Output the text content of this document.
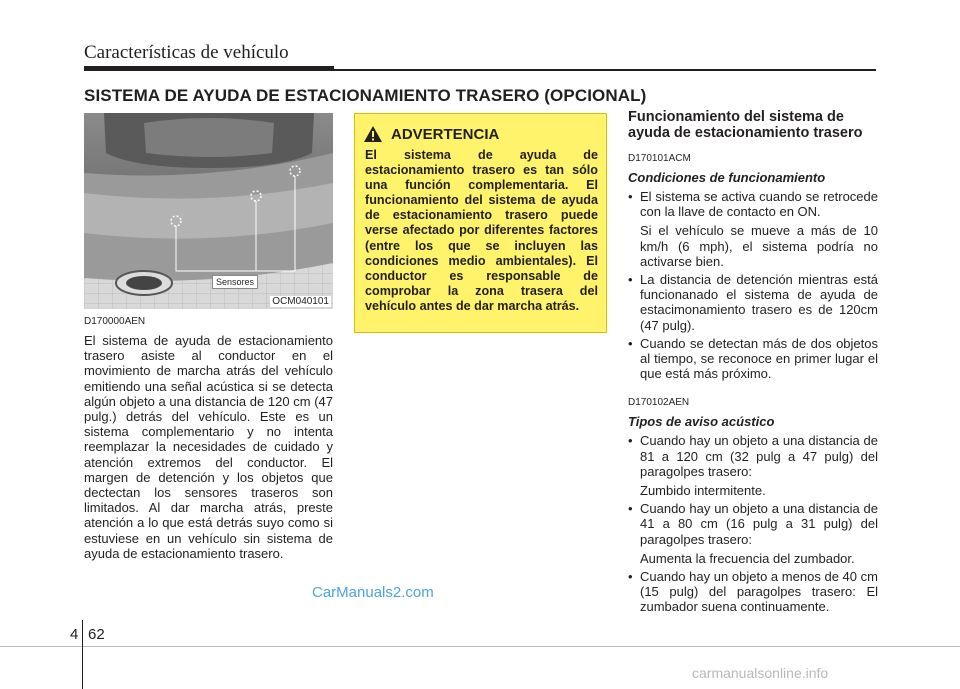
Características de vehículo
SISTEMA DE AYUDA DE ESTACIONAMIENTO TRASERO (OPCIONAL)
Sensores
OCM040101
D170000AEN

El sistema de ayuda de estacionamiento trasero asiste al conductor en el movimiento de marcha atrás del vehículo emitiendo una señal acústica si se detecta algún objeto a una distancia de 120 cm (47 pulg.) detrás del vehículo. Este es un sistema complementario y no intenta reemplazar la necesidades de cuidado y atención extremos del conductor. El margen de detención y los objetos que dectectan los sensores traseros son limitados. Al dar marcha atrás, preste atención a lo que está detrás suyo como si estuviese en un vehículo sin sistema de ayuda de estacionamiento trasero.

ADVERTENCIA
El sistema de ayuda de estacionamiento trasero es tan sólo una función complementaria. El funcionamiento del sistema de ayuda de estacionamiento trasero puede verse afectado por diferentes factores (entre los que se incluyen las condiciones medio ambientales). El conductor es responsable de comprobar la zona trasera del vehículo antes de dar marcha atrás.
Funcionamiento del sistema de ayuda de estacionamiento trasero
D170101ACM
Condiciones de funcionamiento
• El sistema se activa cuando se retrocede con la llave de contacto en ON.
Si el vehículo se mueve a más de 10 km/h (6 mph), el sistema podría no activarse bien.
• La distancia de detención mientras está funcionanado el sistema de ayuda de estacimonamiento trasero es de 120cm (47 pulg).
• Cuando se detectan más de dos objetos al tiempo, se reconoce en primer lugar el que está más próximo.
D170102AEN
Tipos de aviso acústico
• Cuando hay un objeto a una distancia de 81 a 120 cm (32 pulg a 47 pulg) del paragolpes trasero:
Zumbido intermitente.
• Cuando hay un objeto a una distancia de 41 a 80 cm (16 pulg a 31 pulg) del paragolpes trasero:
Aumenta la frecuencia del zumbador.
• Cuando hay un objeto a menos de 40 cm (15 pulg) del paragolpes trasero: El zumbador suena continuamente.
CarManuals2.com
4 62
carmanualsonline.info
